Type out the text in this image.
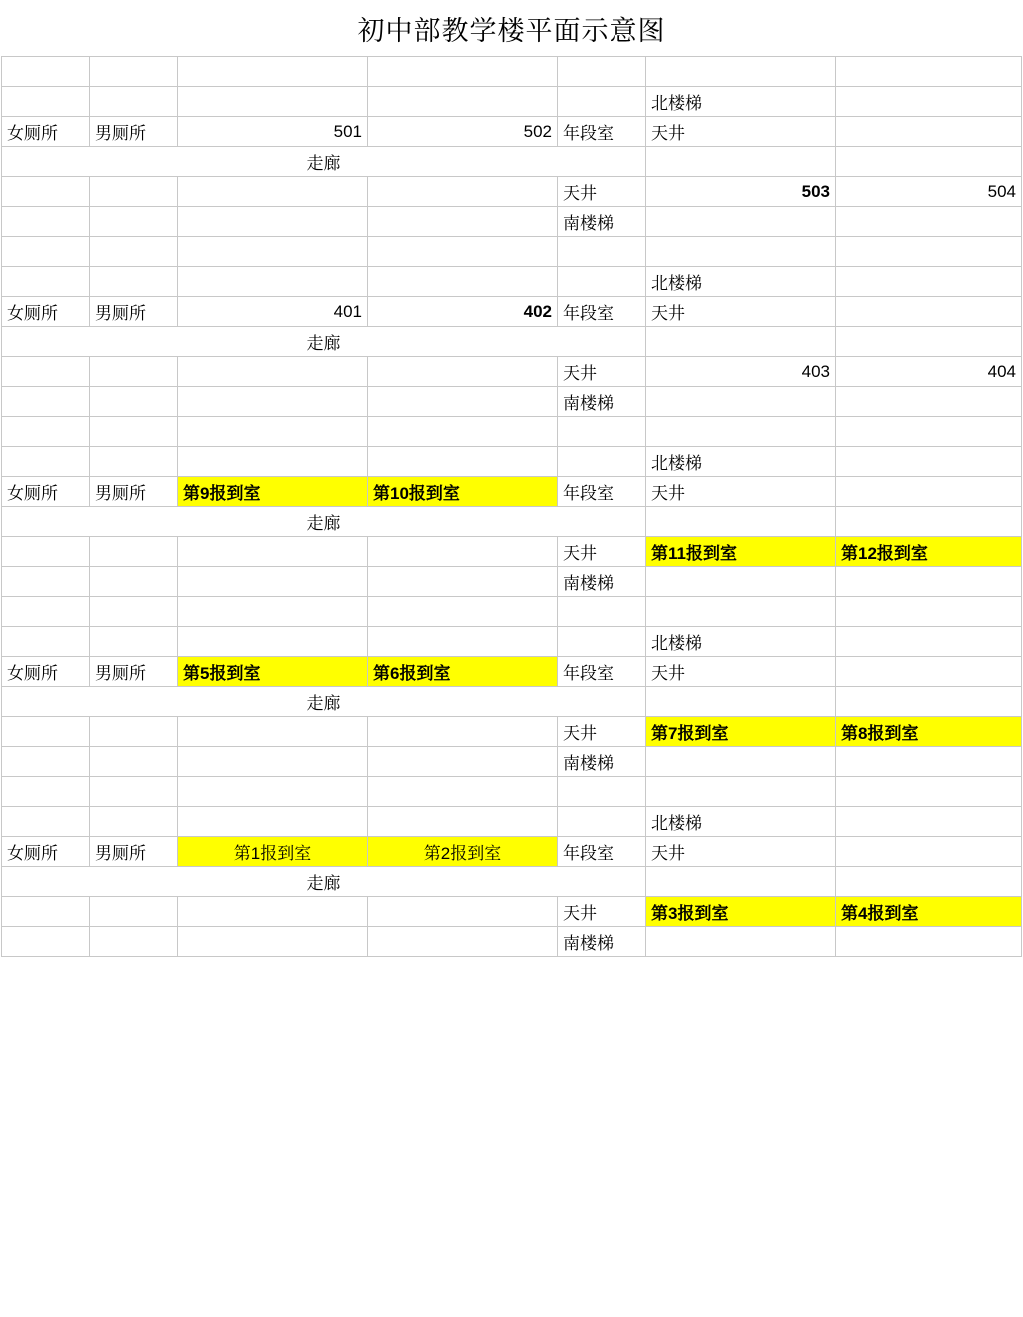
初中部教学楼平面示意图

					北楼梯	
女厕所	男厕所	501	502	年段室	天井	
走廊						
				天井	503	504
				南楼梯		

					北楼梯	
女厕所	男厕所	401	402	年段室	天井	
走廊						
				天井	403	404
				南楼梯		

					北楼梯	
女厕所	男厕所	第9报到室	第10报到室	年段室	天井	
走廊						
				天井	第11报到室	第12报到室
				南楼梯		

					北楼梯	
女厕所	男厕所	第5报到室	第6报到室	年段室	天井	
走廊						
				天井	第7报到室	第8报到室
				南楼梯		

					北楼梯	
女厕所	男厕所	第1报到室	第2报到室	年段室	天井	
走廊						
				天井	第3报到室	第4报到室
				南楼梯		
